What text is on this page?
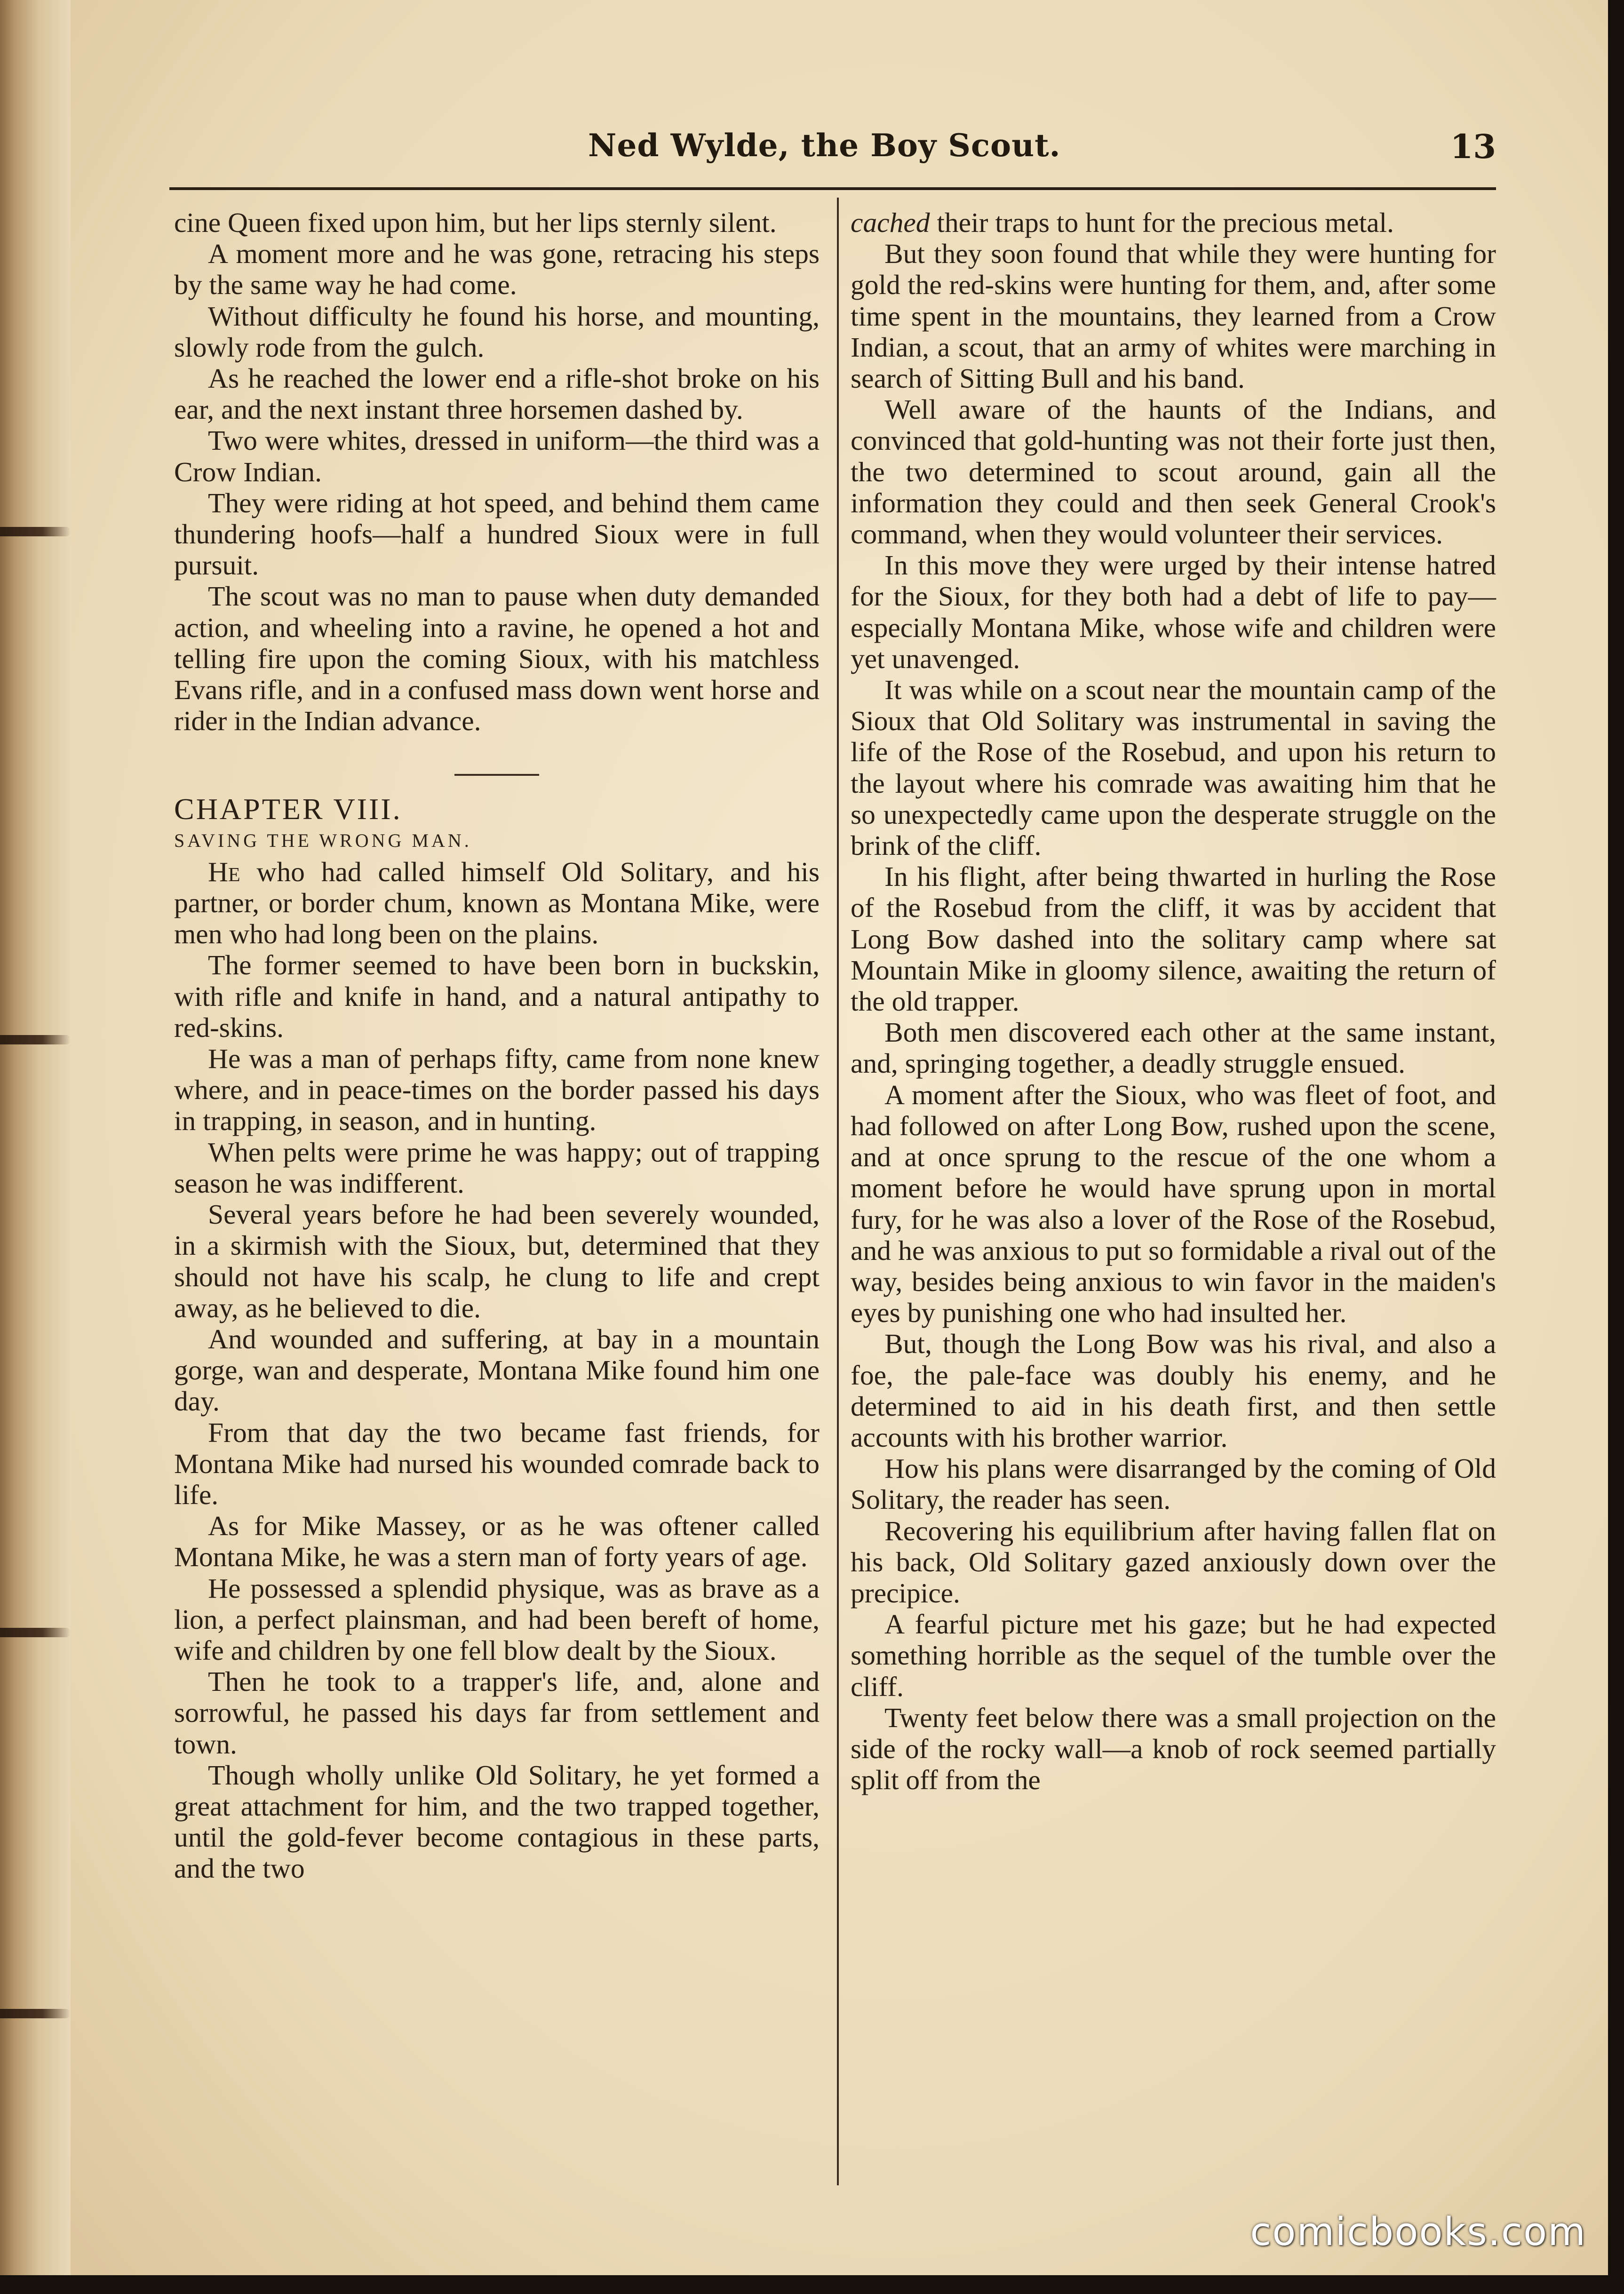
Ned Wylde, the Boy Scout.	13

cine Queen fixed upon him, but her lips sternly silent.

A moment more and he was gone, retracing his steps by the same way he had come.

Without difficulty he found his horse, and mounting, slowly rode from the gulch.

As he reached the lower end a rifle-shot broke on his ear, and the next instant three horsemen dashed by.

Two were whites, dressed in uniform—the third was a Crow Indian.

They were riding at hot speed, and behind them came thundering hoofs—half a hundred Sioux were in full pursuit.

The scout was no man to pause when duty demanded action, and wheeling into a ravine, he opened a hot and telling fire upon the coming Sioux, with his matchless Evans rifle, and in a confused mass down went horse and rider in the Indian advance.

CHAPTER VIII.

SAVING THE WRONG MAN.

He who had called himself Old Solitary, and his partner, or border chum, known as Montana Mike, were men who had long been on the plains.

The former seemed to have been born in buckskin, with rifle and knife in hand, and a natural antipathy to red-skins.

He was a man of perhaps fifty, came from none knew where, and in peace-times on the border passed his days in trapping, in season, and in hunting.

When pelts were prime he was happy; out of trapping season he was indifferent.

Several years before he had been severely wounded, in a skirmish with the Sioux, but, determined that they should not have his scalp, he clung to life and crept away, as he believed to die.

And wounded and suffering, at bay in a mountain gorge, wan and desperate, Montana Mike found him one day.

From that day the two became fast friends, for Montana Mike had nursed his wounded comrade back to life.

As for Mike Massey, or as he was oftener called Montana Mike, he was a stern man of forty years of age.

He possessed a splendid physique, was as brave as a lion, a perfect plainsman, and had been bereft of home, wife and children by one fell blow dealt by the Sioux.

Then he took to a trapper's life, and, alone and sorrowful, he passed his days far from settlement and town.

Though wholly unlike Old Solitary, he yet formed a great attachment for him, and the two trapped together, until the gold-fever become contagious in these parts, and the two

cached their traps to hunt for the precious metal.

But they soon found that while they were hunting for gold the red-skins were hunting for them, and, after some time spent in the mountains, they learned from a Crow Indian, a scout, that an army of whites were marching in search of Sitting Bull and his band.

Well aware of the haunts of the Indians, and convinced that gold-hunting was not their forte just then, the two determined to scout around, gain all the information they could and then seek General Crook's command, when they would volunteer their services.

In this move they were urged by their intense hatred for the Sioux, for they both had a debt of life to pay—especially Montana Mike, whose wife and children were yet unavenged.

It was while on a scout near the mountain camp of the Sioux that Old Solitary was instrumental in saving the life of the Rose of the Rosebud, and upon his return to the layout where his comrade was awaiting him that he so unexpectedly came upon the desperate struggle on the brink of the cliff.

In his flight, after being thwarted in hurling the Rose of the Rosebud from the cliff, it was by accident that Long Bow dashed into the solitary camp where sat Mountain Mike in gloomy silence, awaiting the return of the old trapper.

Both men discovered each other at the same instant, and, springing together, a deadly struggle ensued.

A moment after the Sioux, who was fleet of foot, and had followed on after Long Bow, rushed upon the scene, and at once sprung to the rescue of the one whom a moment before he would have sprung upon in mortal fury, for he was also a lover of the Rose of the Rosebud, and he was anxious to put so formidable a rival out of the way, besides being anxious to win favor in the maiden's eyes by punishing one who had insulted her.

But, though the Long Bow was his rival, and also a foe, the pale-face was doubly his enemy, and he determined to aid in his death first, and then settle accounts with his brother warrior.

How his plans were disarranged by the coming of Old Solitary, the reader has seen.

Recovering his equilibrium after having fallen flat on his back, Old Solitary gazed anxiously down over the precipice.

A fearful picture met his gaze; but he had expected something horrible as the sequel of the tumble over the cliff.

Twenty feet below there was a small projection on the side of the rocky wall—a knob of rock seemed partially split off from the

comicbooks.com
